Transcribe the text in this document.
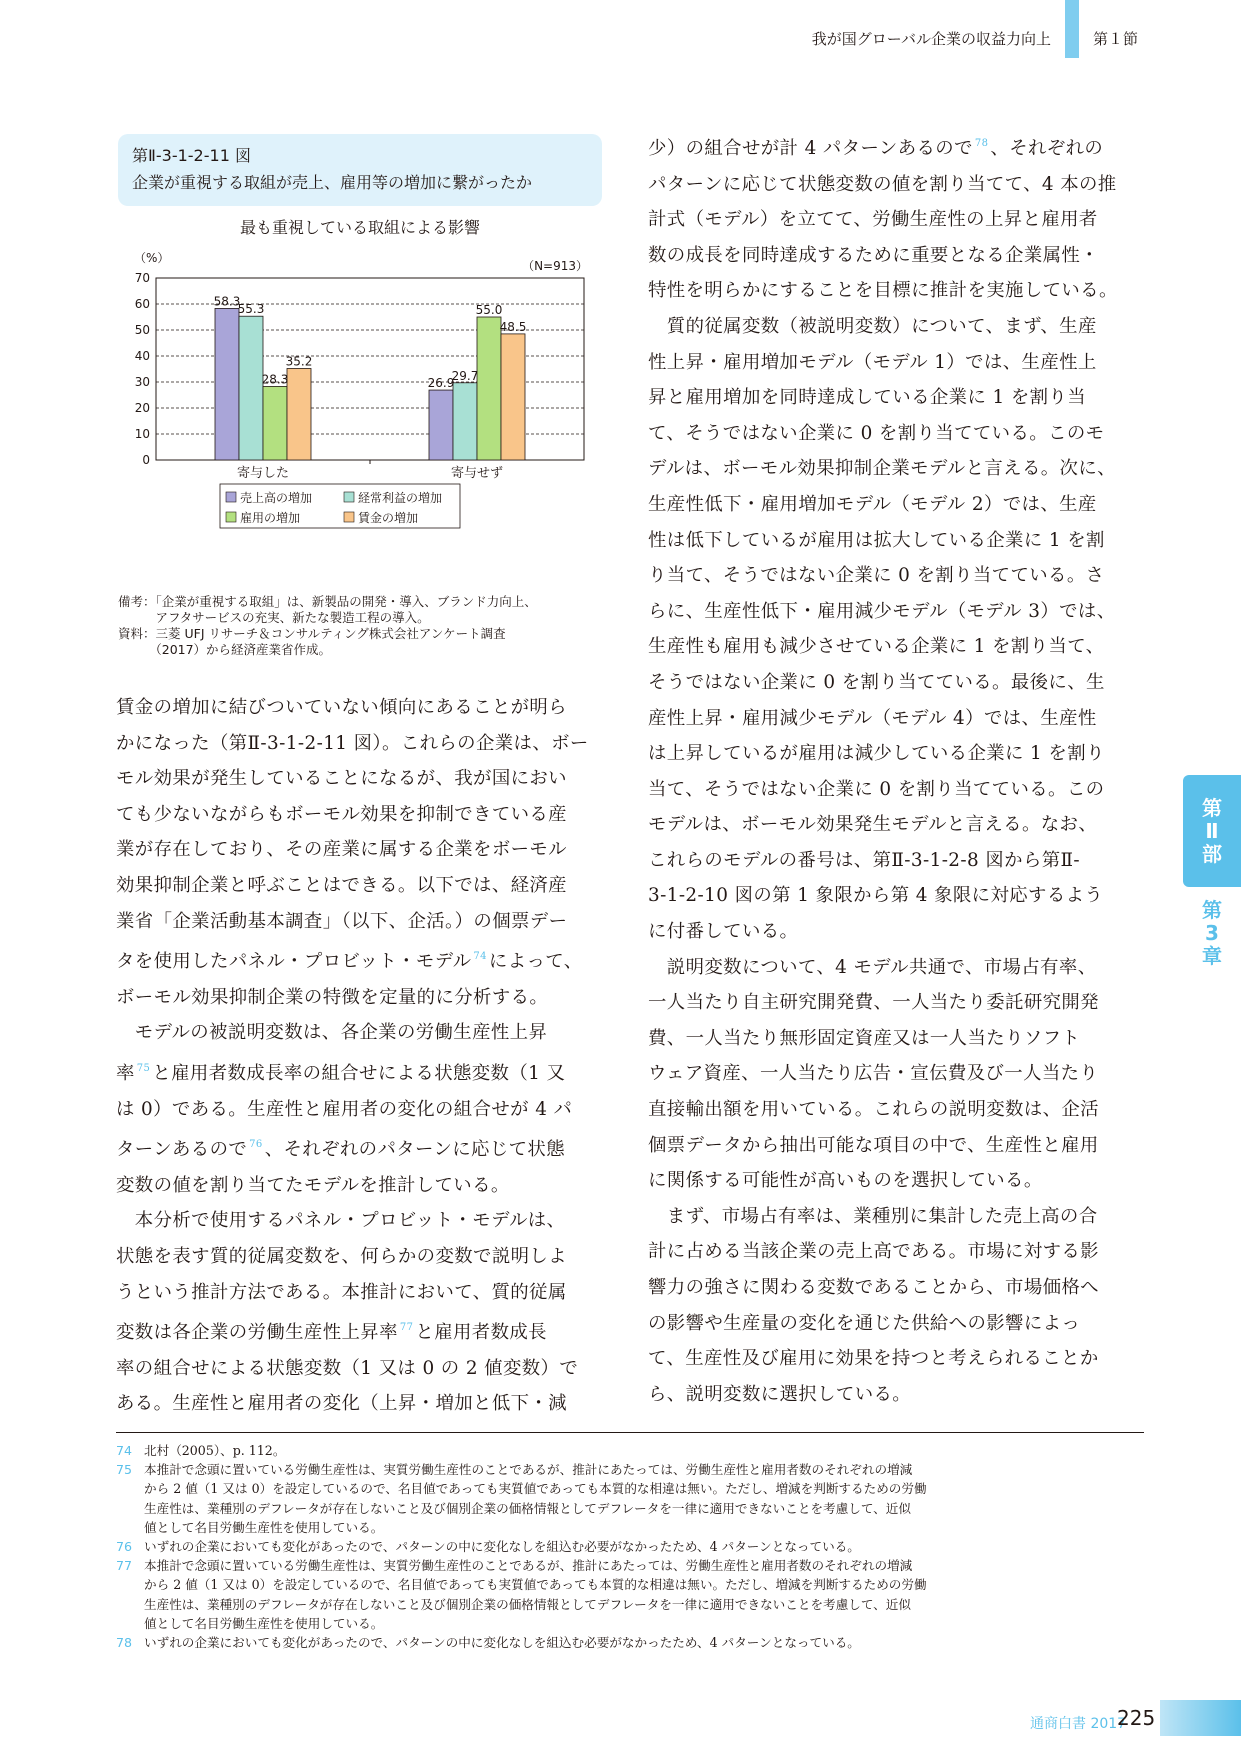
我が国グローバル企業の収益力向上	第１節
第
Ⅱ
部
第
3
章
第Ⅱ-3-1-2-11 図
企業が重視する取組が売上、雇用等の増加に繋がったか
最も重視している取組による影響
（%）
（N=913）
0
10
20
30
40
50
60
70
58.3
55.3
28.3
35.2
寄与した
26.9
29.7
55.0
48.5
寄与せず
売上高の増加	経常利益の増加
雇用の増加	賃金の増加
備考：「企業が重視する取組」は、新製品の開発・導入、ブランド力向上、
　　　アフタサービスの充実、新たな製造工程の導入。
資料：三菱 UFJ リサーチ＆コンサルティング株式会社アンケート調査
　　　（2017）から経済産業省作成。

賃金の増加に結びついていない傾向にあることが明ら

かになった（第Ⅱ-3-1-2-11 図）。これらの企業は、ボー

モル効果が発生していることになるが、我が国におい

ても少ないながらもボーモル効果を抑制できている産

業が存在しており、その産業に属する企業をボーモル

効果抑制企業と呼ぶことはできる。以下では、経済産

業省「企業活動基本調査」（以下、企活。）の個票デー

タを使用したパネル・プロビット・モデル $^{74}$ によって、

ボーモル効果抑制企業の特徴を定量的に分析する。

　モデルの被説明変数は、各企業の労働生産性上昇

率 $^{75}$ と雇用者数成長率の組合せによる状態変数（1 又

は 0）である。生産性と雇用者の変化の組合せが 4 パ

ターンあるので $^{76}$ 、それぞれのパターンに応じて状態

変数の値を割り当てたモデルを推計している。

　本分析で使用するパネル・プロビット・モデルは、

状態を表す質的従属変数を、何らかの変数で説明しよ

うという推計方法である。本推計において、質的従属

変数は各企業の労働生産性上昇率 $^{77}$ と雇用者数成長

率の組合せによる状態変数（1 又は 0 の 2 値変数）で

ある。生産性と雇用者の変化（上昇・増加と低下・減

少）の組合せが計 4 パターンあるので $^{78}$ 、それぞれの

パターンに応じて状態変数の値を割り当てて、4 本の推

計式（モデル）を立てて、労働生産性の上昇と雇用者

数の成長を同時達成するために重要となる企業属性・

特性を明らかにすることを目標に推計を実施している。

　質的従属変数（被説明変数）について、まず、生産

性上昇・雇用増加モデル（モデル 1）では、生産性上

昇と雇用増加を同時達成している企業に 1 を割り当

て、そうではない企業に 0 を割り当てている。このモ

デルは、ボーモル効果抑制企業モデルと言える。次に、

生産性低下・雇用増加モデル（モデル 2）では、生産

性は低下しているが雇用は拡大している企業に 1 を割

り当て、そうではない企業に 0 を割り当てている。さ

らに、生産性低下・雇用減少モデル（モデル 3）では、

生産性も雇用も減少させている企業に 1 を割り当て、

そうではない企業に 0 を割り当てている。最後に、生

産性上昇・雇用減少モデル（モデル 4）では、生産性

は上昇しているが雇用は減少している企業に 1 を割り

当て、そうではない企業に 0 を割り当てている。この

モデルは、ボーモル効果発生モデルと言える。なお、

これらのモデルの番号は、第Ⅱ-3-1-2-8 図から第Ⅱ-

3-1-2-10 図の第 1 象限から第 4 象限に対応するよう

に付番している。

　説明変数について、4 モデル共通で、市場占有率、

一人当たり自主研究開発費、一人当たり委託研究開発

費、一人当たり無形固定資産又は一人当たりソフト

ウェア資産、一人当たり広告・宣伝費及び一人当たり

直接輸出額を用いている。これらの説明変数は、企活

個票データから抽出可能な項目の中で、生産性と雇用

に関係する可能性が高いものを選択している。

　まず、市場占有率は、業種別に集計した売上高の合

計に占める当該企業の売上高である。市場に対する影

響力の強さに関わる変数であることから、市場価格へ

の影響や生産量の変化を通じた供給への影響によっ

て、生産性及び雇用に効果を持つと考えられることか

ら、説明変数に選択している。

74 北村（2005）、p. 112。
75 本推計で念頭に置いている労働生産性は、実質労働生産性のことであるが、推計にあたっては、労働生産性と雇用者数のそれぞれの増減
から 2 値（1 又は 0）を設定しているので、名目値であっても実質値であっても本質的な相違は無い。ただし、増減を判断するための労働
生産性は、業種別のデフレータが存在しないこと及び個別企業の価格情報としてデフレータを一律に適用できないことを考慮して、近似
値として名目労働生産性を使用している。
76 いずれの企業においても変化があったので、パターンの中に変化なしを組込む必要がなかったため、4 パターンとなっている。
77 本推計で念頭に置いている労働生産性は、実質労働生産性のことであるが、推計にあたっては、労働生産性と雇用者数のそれぞれの増減
から 2 値（1 又は 0）を設定しているので、名目値であっても実質値であっても本質的な相違は無い。ただし、増減を判断するための労働
生産性は、業種別のデフレータが存在しないこと及び個別企業の価格情報としてデフレータを一律に適用できないことを考慮して、近似
値として名目労働生産性を使用している。
78 いずれの企業においても変化があったので、パターンの中に変化なしを組込む必要がなかったため、4 パターンとなっている。
通商白書 2017
225
